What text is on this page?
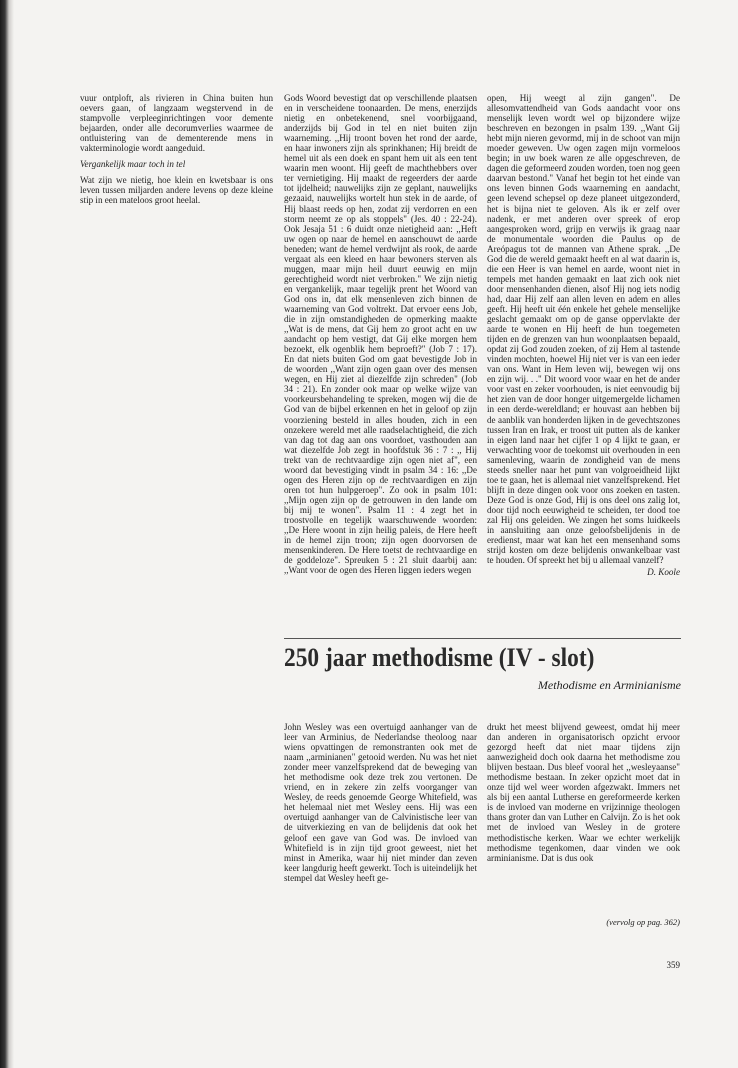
vuur ontploft, als rivieren in China buiten hun oevers gaan, of langzaam wegstervend in de stampvolle verpleeginrichtingen voor demente bejaarden, onder alle decorumverlies waarmee de ontluistering van de dementerende mens in vakterminologie wordt aangeduid.

Vergankelijk maar toch in tel

Wat zijn we nietig, hoe klein en kwetsbaar is ons leven tussen miljarden andere levens op deze kleine stip in een mateloos groot heelal.

Gods Woord bevestigt dat op verschillende plaatsen en in verscheidene toonaarden. De mens, enerzijds nietig en onbetekenend, snel voorbijgaand, anderzijds bij God in tel en niet buiten zijn waarneming. ,,Hij troont boven het rond der aarde, en haar inwoners zijn als sprinkhanen; Hij breidt de hemel uit als een doek en spant hem uit als een tent waarin men woont. Hij geeft de machthebbers over ter vernietiging. Hij maakt de regeerders der aarde tot ijdelheid; nauwelijks zijn ze geplant, nauwelijks gezaaid, nauwelijks wortelt hun stek in de aarde, of Hij blaast reeds op hen, zodat zij verdorren en een storm neemt ze op als stoppels" (Jes. 40 : 22-24). Ook Jesaja 51 : 6 duidt onze nietigheid aan: ,,Heft uw ogen op naar de hemel en aanschouwt de aarde beneden; want de hemel verdwijnt als rook, de aarde vergaat als een kleed en haar bewoners sterven als muggen, maar mijn heil duurt eeuwig en mijn gerechtigheid wordt niet verbroken." We zijn nietig en vergankelijk, maar tegelijk prent het Woord van God ons in, dat elk mensenleven zich binnen de waarneming van God voltrekt. Dat ervoer eens Job, die in zijn omstandigheden de opmerking maakte ,,Wat is de mens, dat Gij hem zo groot acht en uw aandacht op hem vestigt, dat Gij elke morgen hem bezoekt, elk ogenblik hem beproeft?" (Job 7 : 17). En dat niets buiten God om gaat bevestigde Job in de woorden ,,Want zijn ogen gaan over des mensen wegen, en Hij ziet al diezelfde zijn schreden" (Job 34 : 21). En zonder ook maar op welke wijze van voorkeursbehandeling te spreken, mogen wij die de God van de bijbel erkennen en het in geloof op zijn voorziening besteld in alles houden, zich in een onzekere wereld met alle raadselachtigheid, die zich van dag tot dag aan ons voordoet, vasthouden aan wat diezelfde Job zegt in hoofdstuk 36 : 7 : ,, Hij trekt van de rechtvaardige zijn ogen niet af", een woord dat bevestiging vindt in psalm 34 : 16: ,,De ogen des Heren zijn op de rechtvaardigen en zijn oren tot hun hulpgeroep". Zo ook in psalm 101: ,,Mijn ogen zijn op de getrouwen in den lande om bij mij te wonen". Psalm 11 : 4 zegt het in troostvolle en tegelijk waarschuwende woorden: ,,De Here woont in zijn heilig paleis, de Here heeft in de hemel zijn troon; zijn ogen doorvorsen de mensenkinderen. De Here toetst de rechtvaardige en de goddeloze". Spreuken 5 : 21 sluit daarbij aan: ,,Want voor de ogen des Heren liggen ieders wegen

open, Hij weegt al zijn gangen". De allesomvattendheid van Gods aandacht voor ons menselijk leven wordt wel op bijzondere wijze beschreven en bezongen in psalm 139. ,,Want Gij hebt mijn nieren gevormd, mij in de schoot van mijn moeder geweven. Uw ogen zagen mijn vormeloos begin; in uw boek waren ze alle opgeschreven, de dagen die geformeerd zouden worden, toen nog geen daarvan bestond." Vanaf het begin tot het einde van ons leven binnen Gods waarneming en aandacht, geen levend schepsel op deze planeet uitgezonderd, het is bijna niet te geloven. Als ik er zelf over nadenk, er met anderen over spreek of erop aangesproken word, grijp en verwijs ik graag naar de monumentale woorden die Paulus op de Areópagus tot de mannen van Athene sprak. ,,De God die de wereld gemaakt heeft en al wat daarin is, die een Heer is van hemel en aarde, woont niet in tempels met handen gemaakt en laat zich ook niet door mensenhanden dienen, alsof Hij nog iets nodig had, daar Hij zelf aan allen leven en adem en alles geeft. Hij heeft uit één enkele het gehele menselijke geslacht gemaakt om op de ganse oppervlakte der aarde te wonen en Hij heeft de hun toegemeten tijden en de grenzen van hun woonplaatsen bepaald, opdat zij God zouden zoeken, of zij Hem al tastende vinden mochten, hoewel Hij niet ver is van een ieder van ons. Want in Hem leven wij, bewegen wij ons en zijn wij. . ." Dit woord voor waar en het de ander voor vast en zeker voorhouden, is niet eenvoudig bij het zien van de door honger uitgemergelde lichamen in een derde-wereldland; er houvast aan hebben bij de aanblik van honderden lijken in de gevechtszones tussen Iran en Irak, er troost uit putten als de kanker in eigen land naar het cijfer 1 op 4 lijkt te gaan, er verwachting voor de toekomst uit overhouden in een samenleving, waarin de zondigheid van de mens steeds sneller naar het punt van volgroeidheid lijkt toe te gaan, het is allemaal niet vanzelfsprekend. Het blijft in deze dingen ook voor ons zoeken en tasten. Deze God is onze God, Hij is ons deel ons zalig lot, door tijd noch eeuwigheid te scheiden, ter dood toe zal Hij ons geleiden. We zingen het soms luidkeels in aansluiting aan onze geloofsbelijdenis in de eredienst, maar wat kan het een mensenhand soms strijd kosten om deze belijdenis onwankelbaar vast te houden. Of spreekt het bij u allemaal vanzelf?

D. Koole

250 jaar methodisme (IV - slot)
Methodisme en Arminianisme

John Wesley was een overtuigd aanhanger van de leer van Arminius, de Nederlandse theoloog naar wiens opvattingen de remonstranten ook met de naam ,,arminianen" getooid werden. Nu was het niet zonder meer vanzelfsprekend dat de beweging van het methodisme ook deze trek zou vertonen. De vriend, en in zekere zin zelfs voorganger van Wesley, de reeds genoemde George Whitefield, was het helemaal niet met Wesley eens. Hij was een overtuigd aanhanger van de Calvinistische leer van de uitverkiezing en van de belijdenis dat ook het geloof een gave van God was. De invloed van Whitefield is in zijn tijd groot geweest, niet het minst in Amerika, waar hij niet minder dan zeven keer langdurig heeft gewerkt. Toch is uiteindelijk het stempel dat Wesley heeft ge-

drukt het meest blijvend geweest, omdat hij meer dan anderen in organisatorisch opzicht ervoor gezorgd heeft dat niet maar tijdens zijn aanwezigheid doch ook daarna het methodisme zou blijven bestaan. Dus bleef vooral het ,,wesleyaanse" methodisme bestaan. In zeker opzicht moet dat in onze tijd wel weer worden afgezwakt. Immers net als bij een aantal Lutherse en gereformeerde kerken is de invloed van moderne en vrijzinnige theologen thans groter dan van Luther en Calvijn. Zo is het ook met de invloed van Wesley in de grotere methodistische kerken. Waar we echter werkelijk methodisme tegenkomen, daar vinden we ook arminianisme. Dat is dus ook

(vervolg op pag. 362)
359
